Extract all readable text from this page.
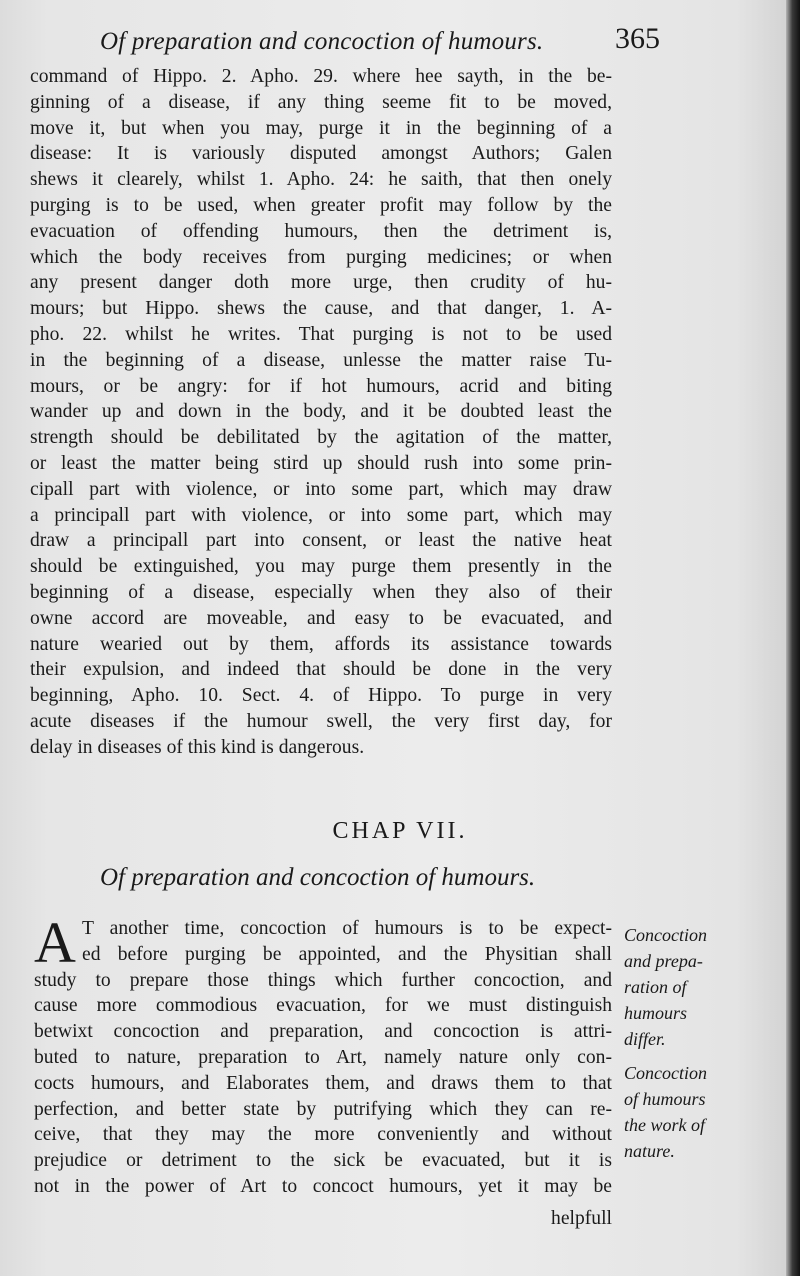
Of preparation and concoction of humours. 365
command of Hippo. 2. Apho. 29. where hee sayth, in the be-
ginning of a disease, if any thing seeme fit to be moved,
move it, but when you may, purge it in the beginning of a
disease: It is variously disputed amongst Authors; Galen
shews it clearely, whilst 1. Apho. 24: he saith, that then onely
purging is to be used, when greater profit may follow by the
evacuation of offending humours, then the detriment is,
which the body receives from purging medicines; or when
any present danger doth more urge, then crudity of hu-
mours; but Hippo. shews the cause, and that danger, 1. A-
pho. 22. whilst he writes. That purging is not to be used
in the beginning of a disease, unlesse the matter raise Tu-
mours, or be angry: for if hot humours, acrid and biting
wander up and down in the body, and it be doubted least the
strength should be debilitated by the agitation of the matter,
or least the matter being stird up should rush into some prin-
cipall part with violence, or into some part, which may draw
a principall part with violence, or into some part, which may
draw a principall part into consent, or least the native heat
should be extinguished, you may purge them presently in the
beginning of a disease, especially when they also of their
owne accord are moveable, and easy to be evacuated, and
nature wearied out by them, affords its assistance towards
their expulsion, and indeed that should be done in the very
beginning, Apho. 10. Sect. 4. of Hippo. To purge in very
acute diseases if the humour swell, the very first day, for
delay in diseases of this kind is dangerous.
CHAP VII.
Of preparation and concoction of humours.
A T another time, concoction of humours is to be expect-
ed before purging be appointed, and the Physitian shall
study to prepare those things which further concoction, and
cause more commodious evacuation, for we must distinguish
betwixt concoction and preparation, and concoction is attri-
buted to nature, preparation to Art, namely nature only con-
cocts humours, and Elaborates them, and draws them to that
perfection, and better state by putrifying which they can re-
ceive, that they may the more conveniently and without
prejudice or detriment to the sick be evacuated, but it is
not in the power of Art to concoct humours, yet it may be
helpfull
Concoction
and prepa-
ration of
humours
differ.
Concoction
of humours
the work of
nature.
